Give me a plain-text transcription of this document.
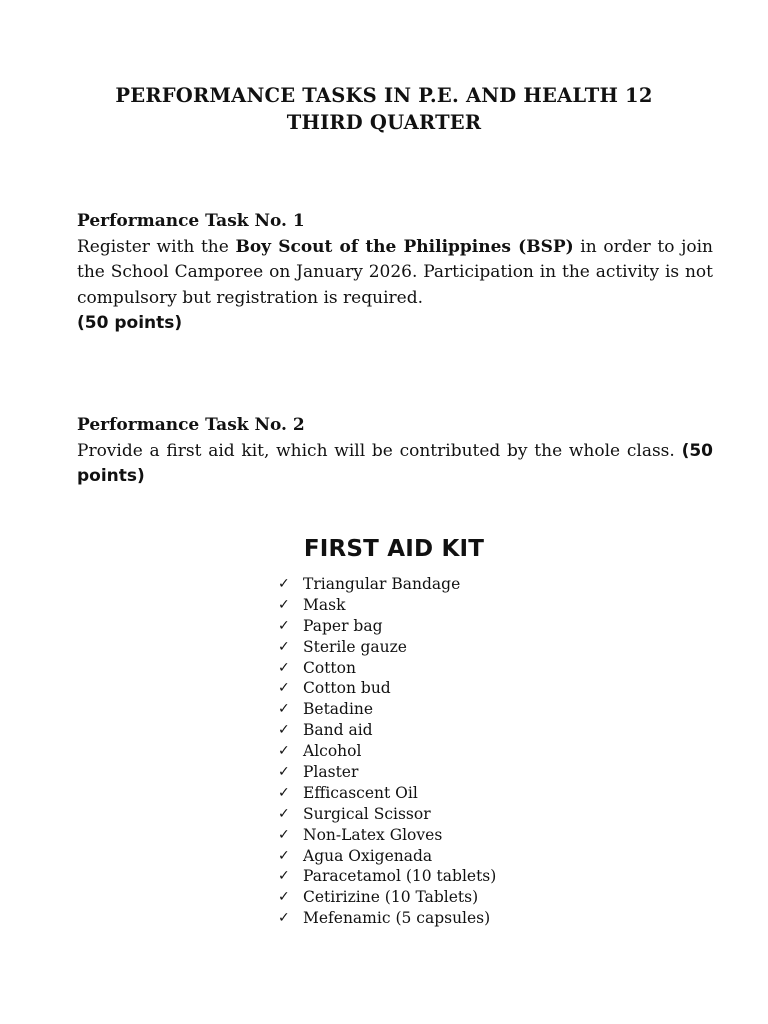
PERFORMANCE TASKS IN P.E. AND HEALTH 12
THIRD QUARTER
Performance Task No. 1
Register with the Boy Scout of the Philippines (BSP) in order to join the School Camporee on January 2026. Participation in the activity is not compulsory but registration is required.
(50 points)
Performance Task No. 2
Provide a first aid kit, which will be contributed by the whole class. (50 points)
FIRST AID KIT
✓ Triangular Bandage
✓ Mask
✓ Paper bag
✓ Sterile gauze
✓ Cotton
✓ Cotton bud
✓ Betadine
✓ Band aid
✓ Alcohol
✓ Plaster
✓ Efficascent Oil
✓ Surgical Scissor
✓ Non-Latex Gloves
✓ Agua Oxigenada
✓ Paracetamol (10 tablets)
✓ Cetirizine (10 Tablets)
✓ Mefenamic (5 capsules)
